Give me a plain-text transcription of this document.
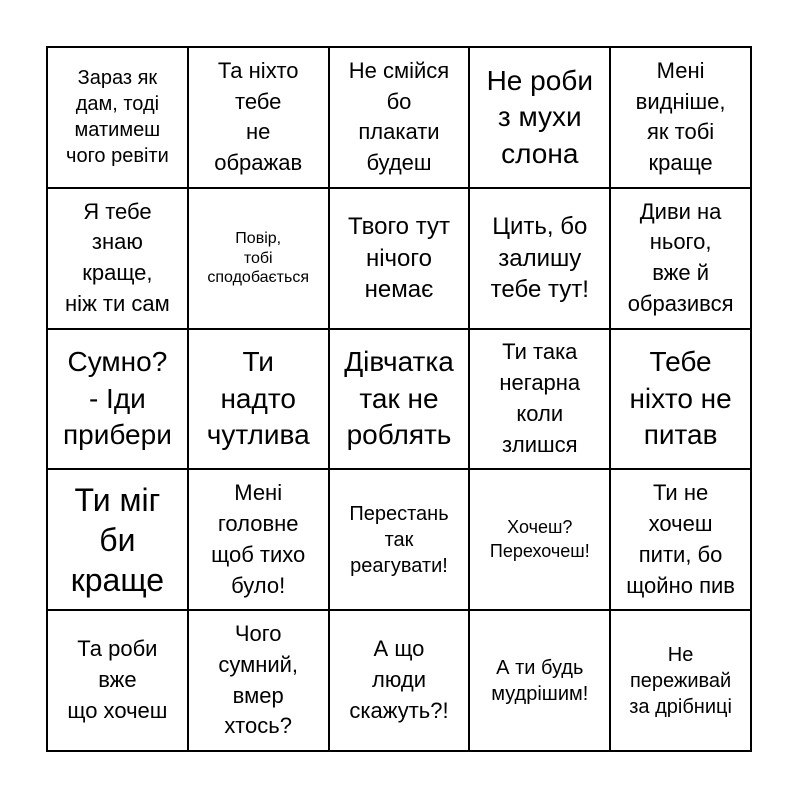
Зараз як
дам, тоді
матимеш
чого ревіти
Та ніхто
тебе
не
ображав
Не смійся
бо
плакати
будеш
Не роби
з мухи
слона
Мені
видніше,
як тобі
краще
Я тебе
знаю
краще,
ніж ти сам
Повір,
тобі
сподобається
Твого тут
нічого
немає
Цить, бо
залишу
тебе тут!
Диви на
нього,
вже й
образився
Сумно?
- Іди
прибери
Ти
надто
чутлива
Дівчатка
так не
роблять
Ти така
негарна
коли
злишся
Тебе
ніхто не
питав
Ти міг
би
краще
Мені
головне
щоб тихо
було!
Перестань
так
реагувати!
Хочеш?
Перехочеш!
Ти не
хочеш
пити, бо
щойно пив
Та роби
вже
що хочеш
Чого
сумний,
вмер
хтось?
А що
люди
скажуть?!
А ти будь
мудрішим!
Не
переживай
за дрібниці
